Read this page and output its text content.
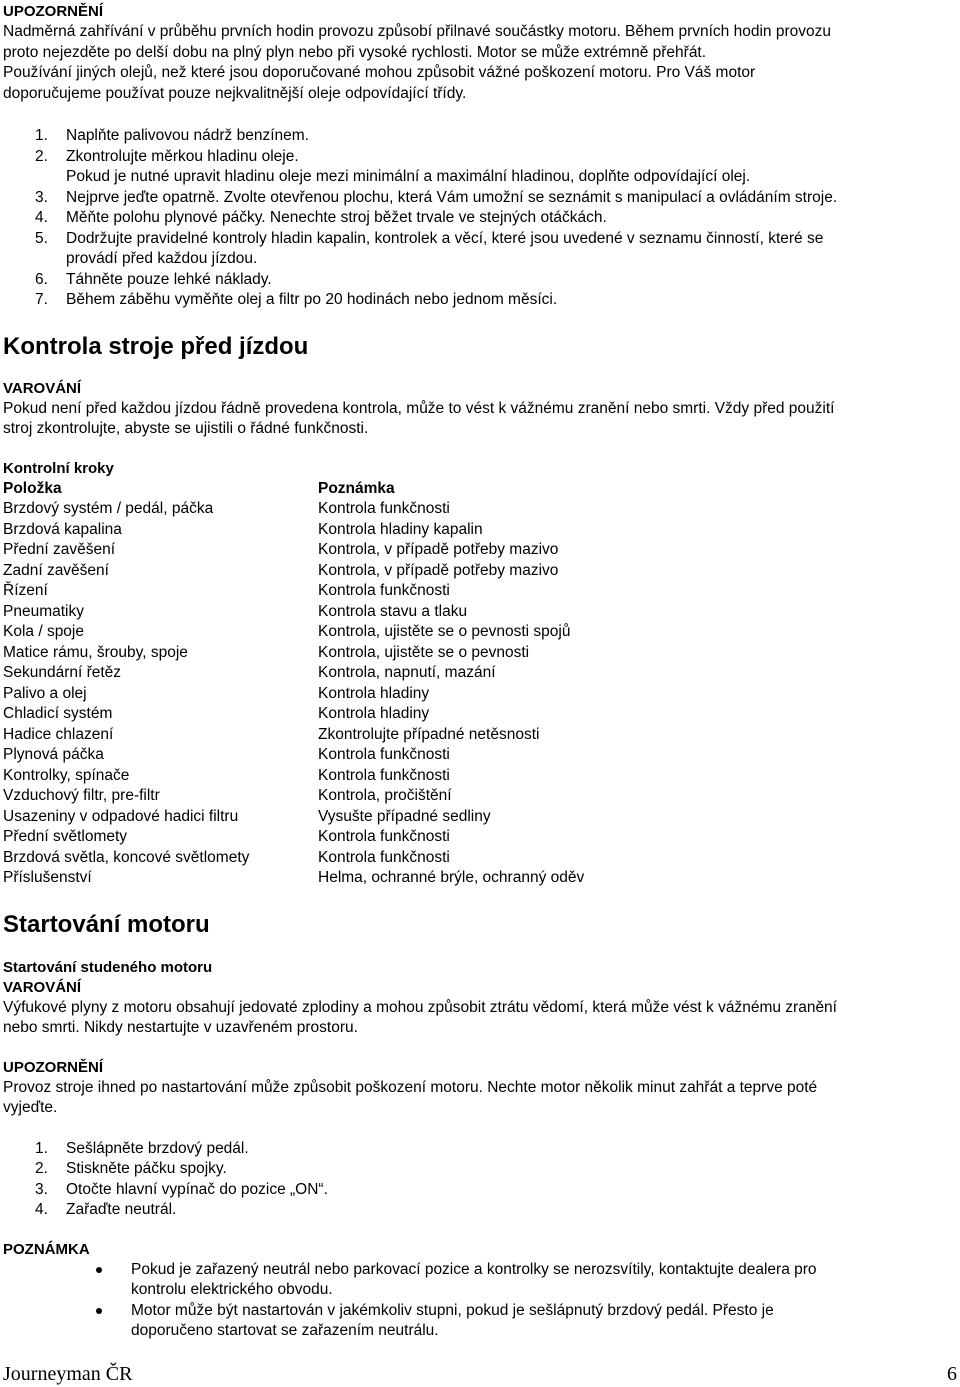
UPOZORNĚNÍ
Nadměrná zahřívání v průběhu prvních hodin provozu způsobí přilnavé součástky motoru. Během prvních hodin provozu
proto nejezděte po delší dobu na plný plyn nebo při vysoké rychlosti. Motor se může extrémně přehřát.
Používání jiných olejů, než které jsou doporučované mohou způsobit vážné poškození motoru. Pro Váš motor
doporučujeme používat pouze nejkvalitnější oleje odpovídající třídy.
1. Naplňte palivovou nádrž benzínem.
2. Zkontrolujte měrkou hladinu oleje.
Pokud je nutné upravit hladinu oleje mezi minimální a maximální hladinou, doplňte odpovídající olej.
3. Nejprve jeďte opatrně. Zvolte otevřenou plochu, která Vám umožní se seznámit s manipulací a ovládáním stroje.
4. Měňte polohu plynové páčky. Nenechte stroj běžet trvale ve stejných otáčkách.
5. Dodržujte pravidelné kontroly hladin kapalin, kontrolek a věcí, které jsou uvedené v seznamu činností, které se
provádí před každou jízdou.
6. Táhněte pouze lehké náklady.
7. Během záběhu vyměňte olej a filtr po 20 hodinách nebo jednom měsíci.
Kontrola stroje před jízdou
VAROVÁNÍ
Pokud není před každou jízdou řádně provedena kontrola, může to vést k vážnému zranění nebo smrti. Vždy před použití
stroj zkontrolujte, abyste se ujistili o řádné funkčnosti.
Kontrolní kroky
Položka	Poznámka
Brzdový systém / pedál, páčka	Kontrola funkčnosti
Brzdová kapalina	Kontrola hladiny kapalin
Přední zavěšení	Kontrola, v případě potřeby mazivo
Zadní zavěšení	Kontrola, v případě potřeby mazivo
Řízení	Kontrola funkčnosti
Pneumatiky	Kontrola stavu a tlaku
Kola / spoje	Kontrola, ujistěte se o pevnosti spojů
Matice rámu, šrouby, spoje	Kontrola, ujistěte se o pevnosti
Sekundární řetěz	Kontrola, napnutí, mazání
Palivo a olej	Kontrola hladiny
Chladicí systém	Kontrola hladiny
Hadice chlazení	Zkontrolujte případné netěsnosti
Plynová páčka	Kontrola funkčnosti
Kontrolky, spínače	Kontrola funkčnosti
Vzduchový filtr, pre-filtr	Kontrola, pročištění
Usazeniny v odpadové hadici filtru	Vysušte případné sedliny
Přední světlomety	Kontrola funkčnosti
Brzdová světla, koncové světlomety	Kontrola funkčnosti
Příslušenství	Helma, ochranné brýle, ochranný oděv
Startování motoru
Startování studeného motoru
VAROVÁNÍ
Výfukové plyny z motoru obsahují jedovaté zplodiny a mohou způsobit ztrátu vědomí, která může vést k vážnému zranění
nebo smrti. Nikdy nestartujte v uzavřeném prostoru.
UPOZORNĚNÍ
Provoz stroje ihned po nastartování může způsobit poškození motoru. Nechte motor několik minut zahřát a teprve poté
vyjeďte.
1. Sešlápněte brzdový pedál.
2. Stiskněte páčku spojky.
3. Otočte hlavní vypínač do pozice „ON“.
4. Zařaďte neutrál.
POZNÁMKA
Pokud je zařazený neutrál nebo parkovací pozice a kontrolky se nerozsvítily, kontaktujte dealera pro
kontrolu elektrického obvodu.
Motor může být nastartován v jakémkoliv stupni, pokud je sešlápnutý brzdový pedál. Přesto je
doporučeno startovat se zařazením neutrálu.
Journeyman ČR	6
